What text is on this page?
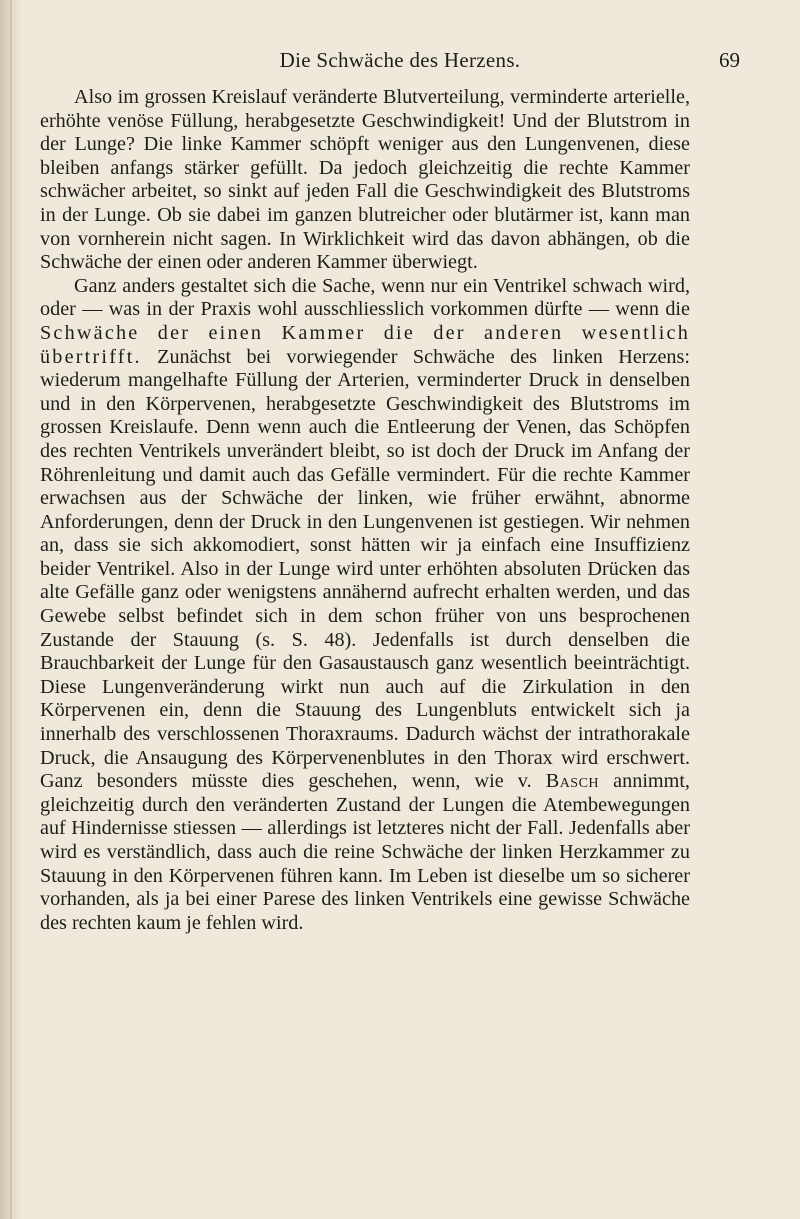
Die Schwäche des Herzens.	69

Also im grossen Kreislauf veränderte Blutverteilung, verminderte arterielle, erhöhte venöse Füllung, herabgesetzte Geschwindigkeit! Und der Blutstrom in der Lunge? Die linke Kammer schöpft weniger aus den Lungenvenen, diese bleiben anfangs stärker gefüllt. Da jedoch gleichzeitig die rechte Kammer schwächer arbeitet, so sinkt auf jeden Fall die Geschwindigkeit des Blutstroms in der Lunge. Ob sie dabei im ganzen blutreicher oder blutärmer ist, kann man von vornherein nicht sagen. In Wirklichkeit wird das davon abhängen, ob die Schwäche der einen oder anderen Kammer überwiegt.

Ganz anders gestaltet sich die Sache, wenn nur ein Ventrikel schwach wird, oder — was in der Praxis wohl ausschliesslich vorkommen dürfte — wenn die Schwäche der einen Kammer die der anderen wesentlich übertrifft. Zunächst bei vorwiegender Schwäche des linken Herzens: wiederum mangelhafte Füllung der Arterien, verminderter Druck in denselben und in den Körpervenen, herabgesetzte Geschwindigkeit des Blutstroms im grossen Kreislaufe. Denn wenn auch die Entleerung der Venen, das Schöpfen des rechten Ventrikels unverändert bleibt, so ist doch der Druck im Anfang der Röhrenleitung und damit auch das Gefälle vermindert. Für die rechte Kammer erwachsen aus der Schwäche der linken, wie früher erwähnt, abnorme Anforderungen, denn der Druck in den Lungenvenen ist gestiegen. Wir nehmen an, dass sie sich akkomodiert, sonst hätten wir ja einfach eine Insuffizienz beider Ventrikel. Also in der Lunge wird unter erhöhten absoluten Drücken das alte Gefälle ganz oder wenigstens annähernd aufrecht erhalten werden, und das Gewebe selbst befindet sich in dem schon früher von uns besprochenen Zustande der Stauung (s. S. 48). Jedenfalls ist durch denselben die Brauchbarkeit der Lunge für den Gasaustausch ganz wesentlich beeinträchtigt. Diese Lungenveränderung wirkt nun auch auf die Zirkulation in den Körpervenen ein, denn die Stauung des Lungenbluts entwickelt sich ja innerhalb des verschlossenen Thoraxraums. Dadurch wächst der intrathorakale Druck, die Ansaugung des Körpervenenblutes in den Thorax wird erschwert. Ganz besonders müsste dies geschehen, wenn, wie v. Basch annimmt, gleichzeitig durch den veränderten Zustand der Lungen die Atembewegungen auf Hindernisse stiessen — allerdings ist letzteres nicht der Fall. Jedenfalls aber wird es verständlich, dass auch die reine Schwäche der linken Herzkammer zu Stauung in den Körpervenen führen kann. Im Leben ist dieselbe um so sicherer vorhanden, als ja bei einer Parese des linken Ventrikels eine gewisse Schwäche des rechten kaum je fehlen wird.
